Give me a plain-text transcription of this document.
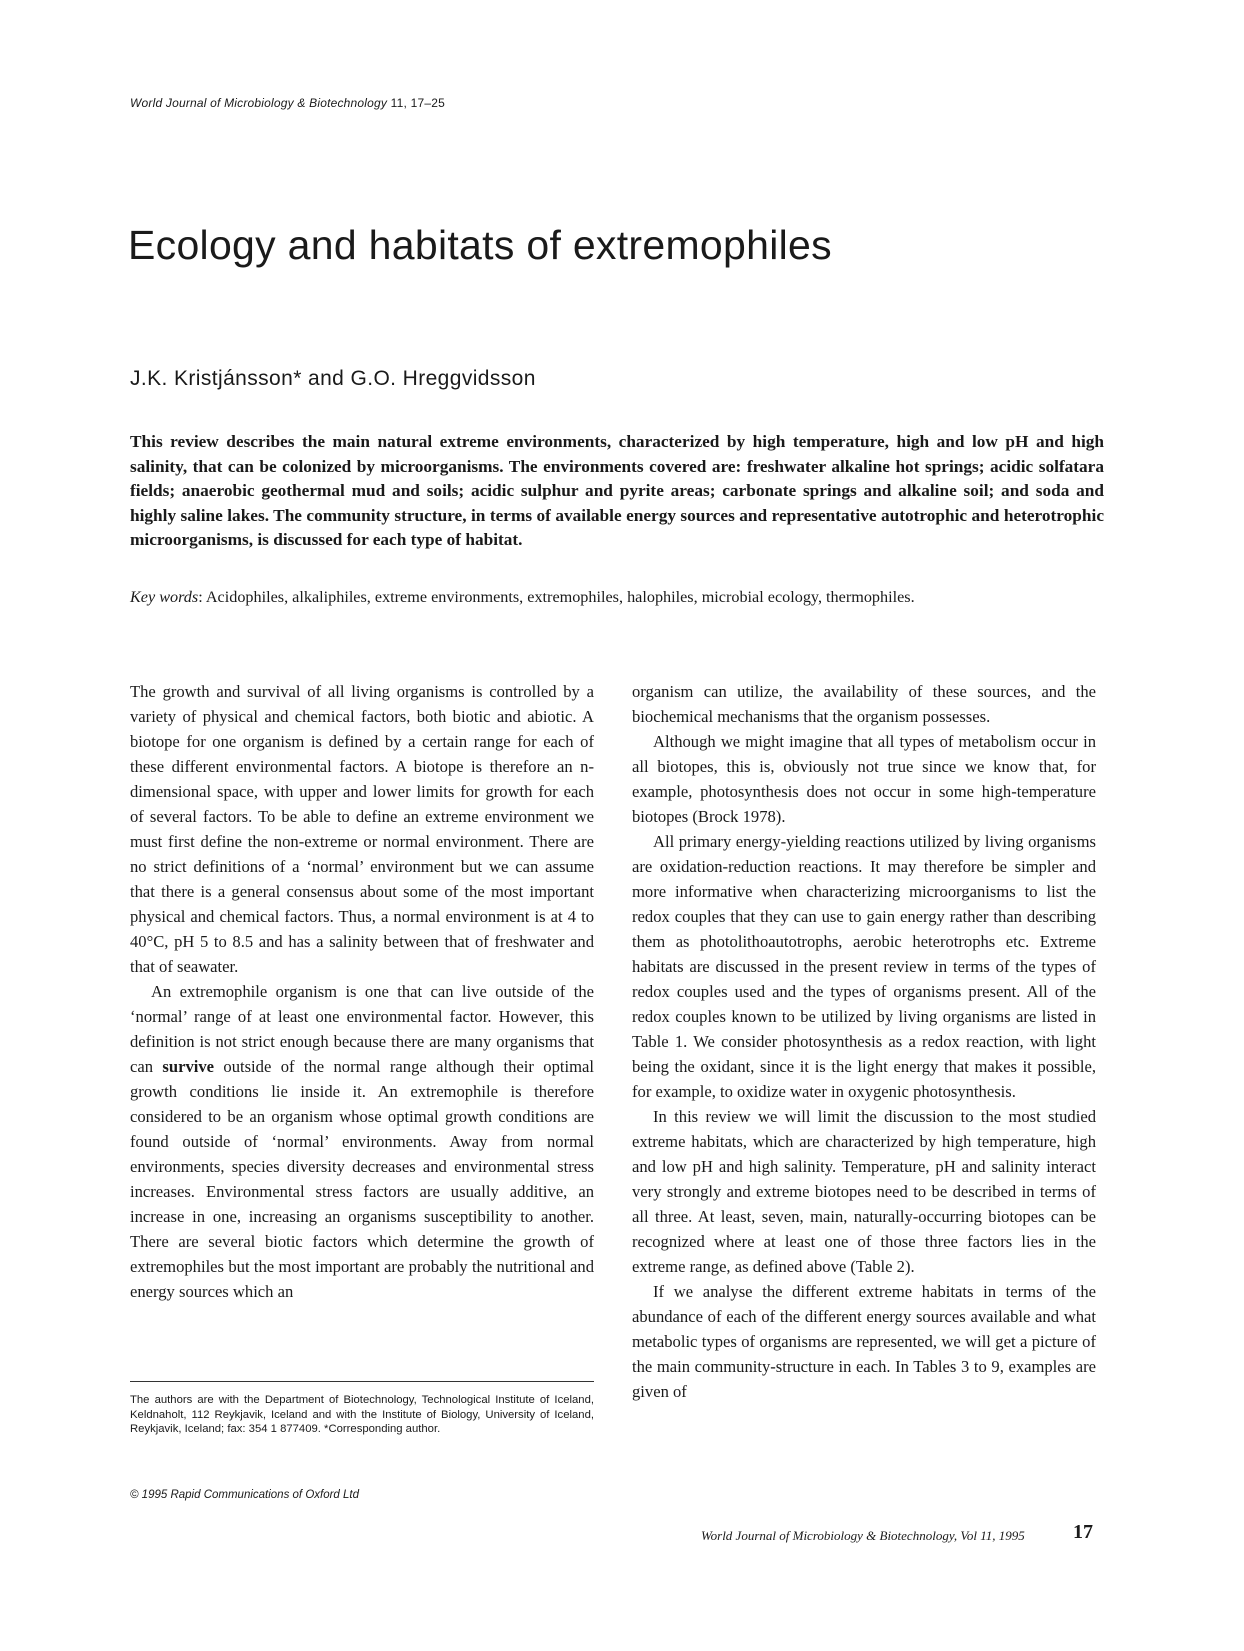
World Journal of Microbiology & Biotechnology 11, 17–25
Ecology and habitats of extremophiles
J.K. Kristjánsson* and G.O. Hreggvidsson

This review describes the main natural extreme environments, characterized by high temperature, high and low pH and high salinity, that can be colonized by microorganisms. The environments covered are: freshwater alkaline hot springs; acidic solfatara fields; anaerobic geothermal mud and soils; acidic sulphur and pyrite areas; carbonate springs and alkaline soil; and soda and highly saline lakes. The community structure, in terms of available energy sources and representative autotrophic and heterotrophic microorganisms, is discussed for each type of habitat.

Key words: Acidophiles, alkaliphiles, extreme environments, extremophiles, halophiles, microbial ecology, thermophiles.

The growth and survival of all living organisms is controlled by a variety of physical and chemical factors, both biotic and abiotic. A biotope for one organism is defined by a certain range for each of these different environmental factors. A biotope is therefore an n-dimensional space, with upper and lower limits for growth for each of several factors. To be able to define an extreme environment we must first define the non-extreme or normal environment. There are no strict definitions of a ‘normal’ environment but we can assume that there is a general consensus about some of the most important physical and chemical factors. Thus, a normal environment is at 4 to 40°C, pH 5 to 8.5 and has a salinity between that of freshwater and that of seawater.

An extremophile organism is one that can live outside of the ‘normal’ range of at least one environmental factor. However, this definition is not strict enough because there are many organisms that can survive outside of the normal range although their optimal growth conditions lie inside it. An extremophile is therefore considered to be an organism whose optimal growth conditions are found outside of ‘normal’ environments. Away from normal environments, species diversity decreases and environmental stress increases. Environmental stress factors are usually additive, an increase in one, increasing an organisms susceptibility to another. There are several biotic factors which determine the growth of extremophiles but the most important are probably the nutritional and energy sources which an

organism can utilize, the availability of these sources, and the biochemical mechanisms that the organism possesses.

Although we might imagine that all types of metabolism occur in all biotopes, this is, obviously not true since we know that, for example, photosynthesis does not occur in some high-temperature biotopes (Brock 1978).

All primary energy-yielding reactions utilized by living organisms are oxidation-reduction reactions. It may therefore be simpler and more informative when characterizing microorganisms to list the redox couples that they can use to gain energy rather than describing them as photolithoautotrophs, aerobic heterotrophs etc. Extreme habitats are discussed in the present review in terms of the types of redox couples used and the types of organisms present. All of the redox couples known to be utilized by living organisms are listed in Table 1. We consider photosynthesis as a redox reaction, with light being the oxidant, since it is the light energy that makes it possible, for example, to oxidize water in oxygenic photosynthesis.

In this review we will limit the discussion to the most studied extreme habitats, which are characterized by high temperature, high and low pH and high salinity. Temperature, pH and salinity interact very strongly and extreme biotopes need to be described in terms of all three. At least, seven, main, naturally-occurring biotopes can be recognized where at least one of those three factors lies in the extreme range, as defined above (Table 2).

If we analyse the different extreme habitats in terms of the abundance of each of the different energy sources available and what metabolic types of organisms are represented, we will get a picture of the main community-structure in each. In Tables 3 to 9, examples are given of

The authors are with the Department of Biotechnology, Technological Institute of Iceland, Keldnaholt, 112 Reykjavik, Iceland and with the Institute of Biology, University of Iceland, Reykjavik, Iceland; fax: 354 1 877409. *Corresponding author.

© 1995 Rapid Communications of Oxford Ltd
World Journal of Microbiology & Biotechnology, Vol 11, 1995 17
